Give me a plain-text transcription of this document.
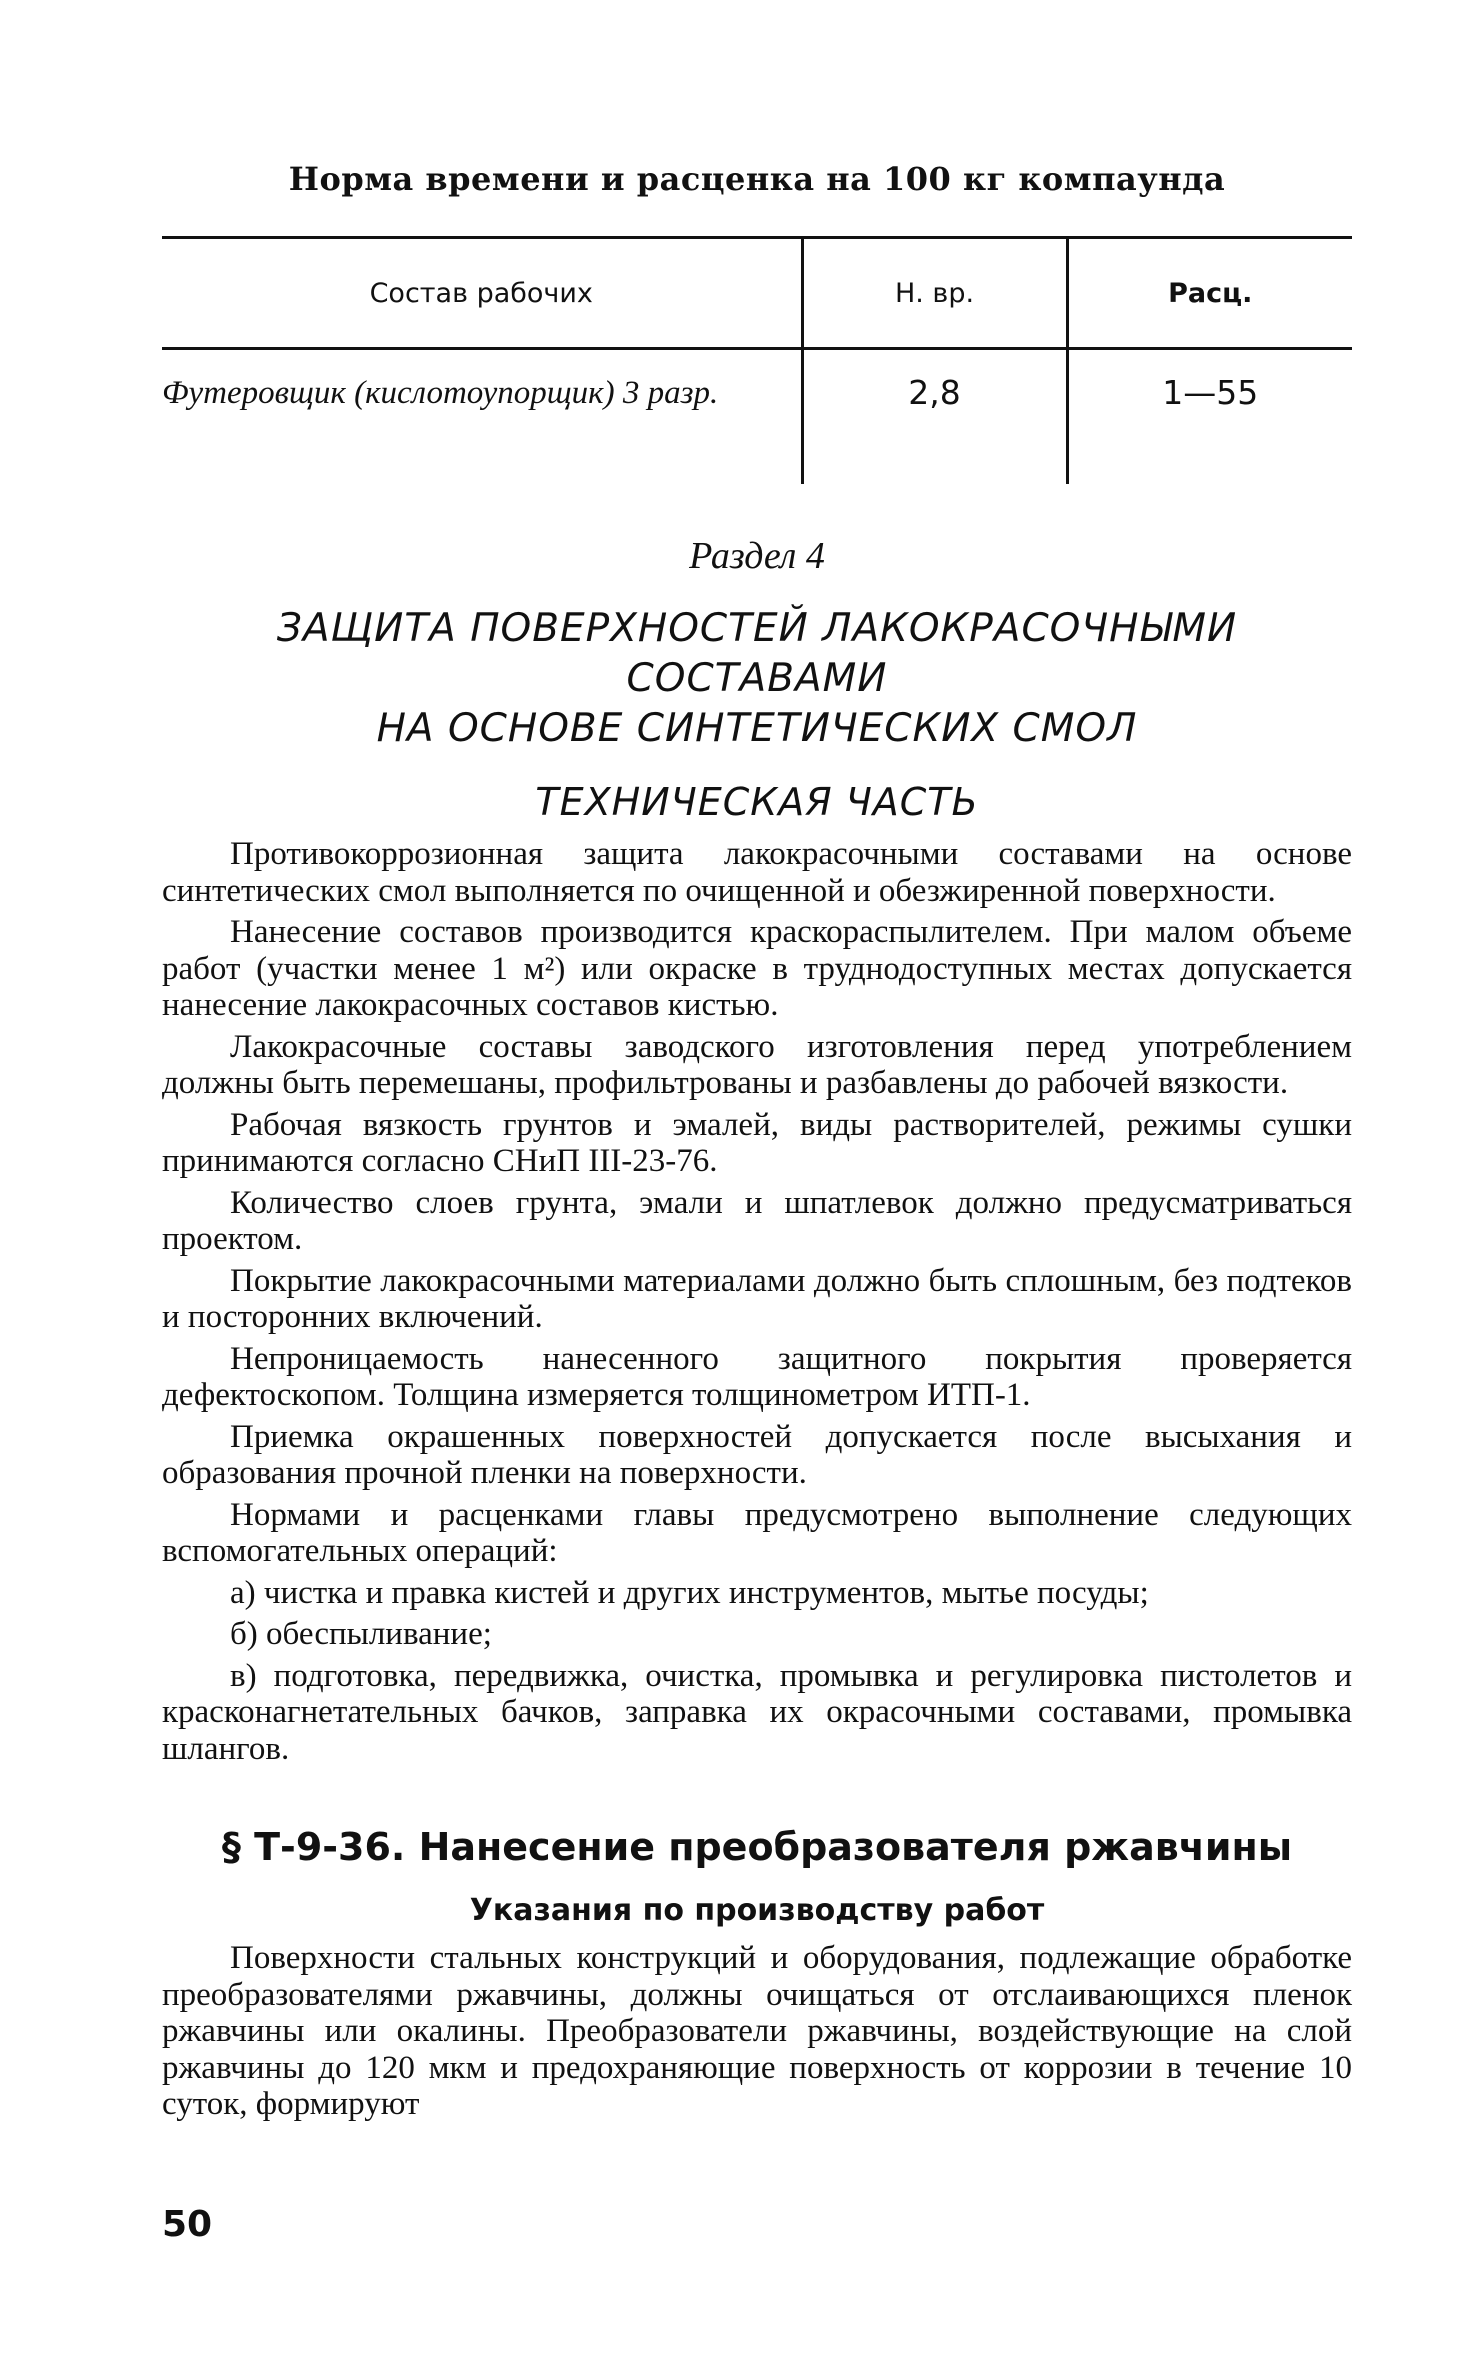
Норма времени и расценка на 100 кг компаунда
Состав рабочих	Н. вр.	Расц.
Футеровщик (кислотоупорщик) 3 разр.	2,8	1—55
Раздел 4
ЗАЩИТА ПОВЕРХНОСТЕЙ ЛАКОКРАСОЧНЫМИ СОСТАВАМИ
НА ОСНОВЕ СИНТЕТИЧЕСКИХ СМОЛ
ТЕХНИЧЕСКАЯ ЧАСТЬ

Противокоррозионная защита лакокрасочными составами на основе синтетических смол выполняется по очищенной и обезжиренной поверхности.

Нанесение составов производится краскораспылителем. При малом объеме работ (участки менее 1 м²) или окраске в труднодоступных местах допускается нанесение лакокрасочных составов кистью.

Лакокрасочные составы заводского изготовления перед употреблением должны быть перемешаны, профильтрованы и разбавлены до рабочей вязкости.

Рабочая вязкость грунтов и эмалей, виды растворителей, режимы сушки принимаются согласно СНиП III-23-76.

Количество слоев грунта, эмали и шпатлевок должно предусматриваться проектом.

Покрытие лакокрасочными материалами должно быть сплошным, без подтеков и посторонних включений.

Непроницаемость нанесенного защитного покрытия проверяется дефектоскопом. Толщина измеряется толщинометром ИТП-1.

Приемка окрашенных поверхностей допускается после высыхания и образования прочной пленки на поверхности.

Нормами и расценками главы предусмотрено выполнение следующих вспомогательных операций:

а) чистка и правка кистей и других инструментов, мытье посуды;

б) обеспыливание;

в) подготовка, передвижка, очистка, промывка и регулировка пистолетов и красконагнетательных бачков, заправка их окрасочными составами, промывка шлангов.

§ Т-9-36. Нанесение преобразователя ржавчины
Указания по производству работ

Поверхности стальных конструкций и оборудования, подлежащие обработке преобразователями ржавчины, должны очищаться от отслаивающихся пленок ржавчины или окалины. Преобразователи ржавчины, воздействующие на слой ржавчины до 120 мкм и предохраняющие поверхность от коррозии в течение 10 суток, формируют

50
